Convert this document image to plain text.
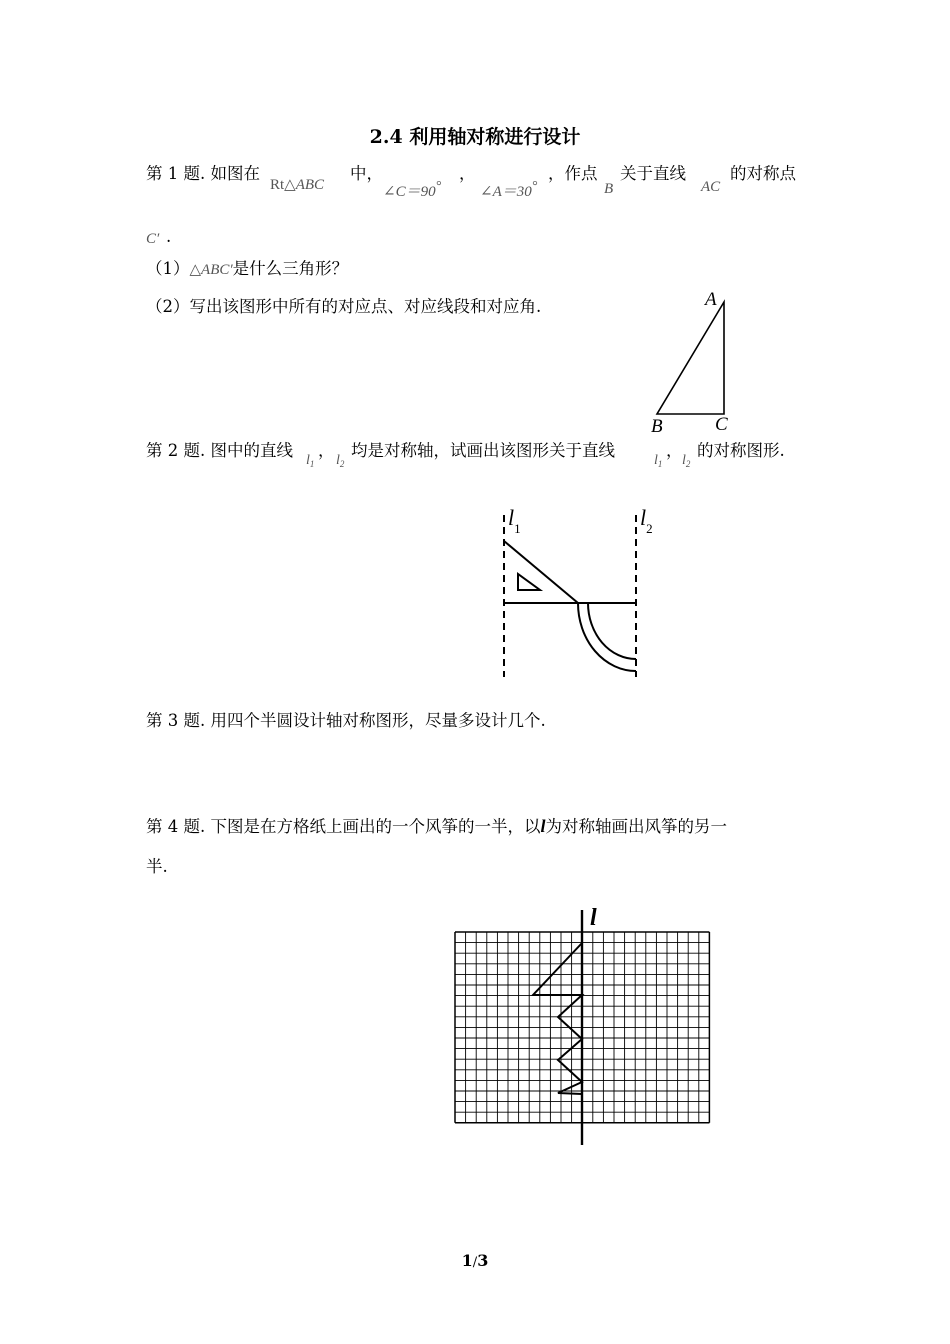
2.4 利用轴对称进行设计
第 1 题. 如图在
Rt△ABC
中，
∠C＝90°
，
∠A＝30°
，作点
B
关于直线
AC
的对称点
C′ .
（1）△ABC′是什么三角形？
（2）写出该图形中所有的对应点、对应线段和对应角.	A
B	C
第 2 题. 图中的直线
$l_1$
，
$l_2$
均是对称轴，试画出该图形关于直线
$l_1$
，
$l_2$
的对称图形.
$l_1$	$l_2$
第 3 题. 用四个半圆设计轴对称图形，尽量多设计几个.
第 4 题. 下图是在方格纸上画出的一个风筝的一半，以l为对称轴画出风筝的另一
半.
l
1/3
